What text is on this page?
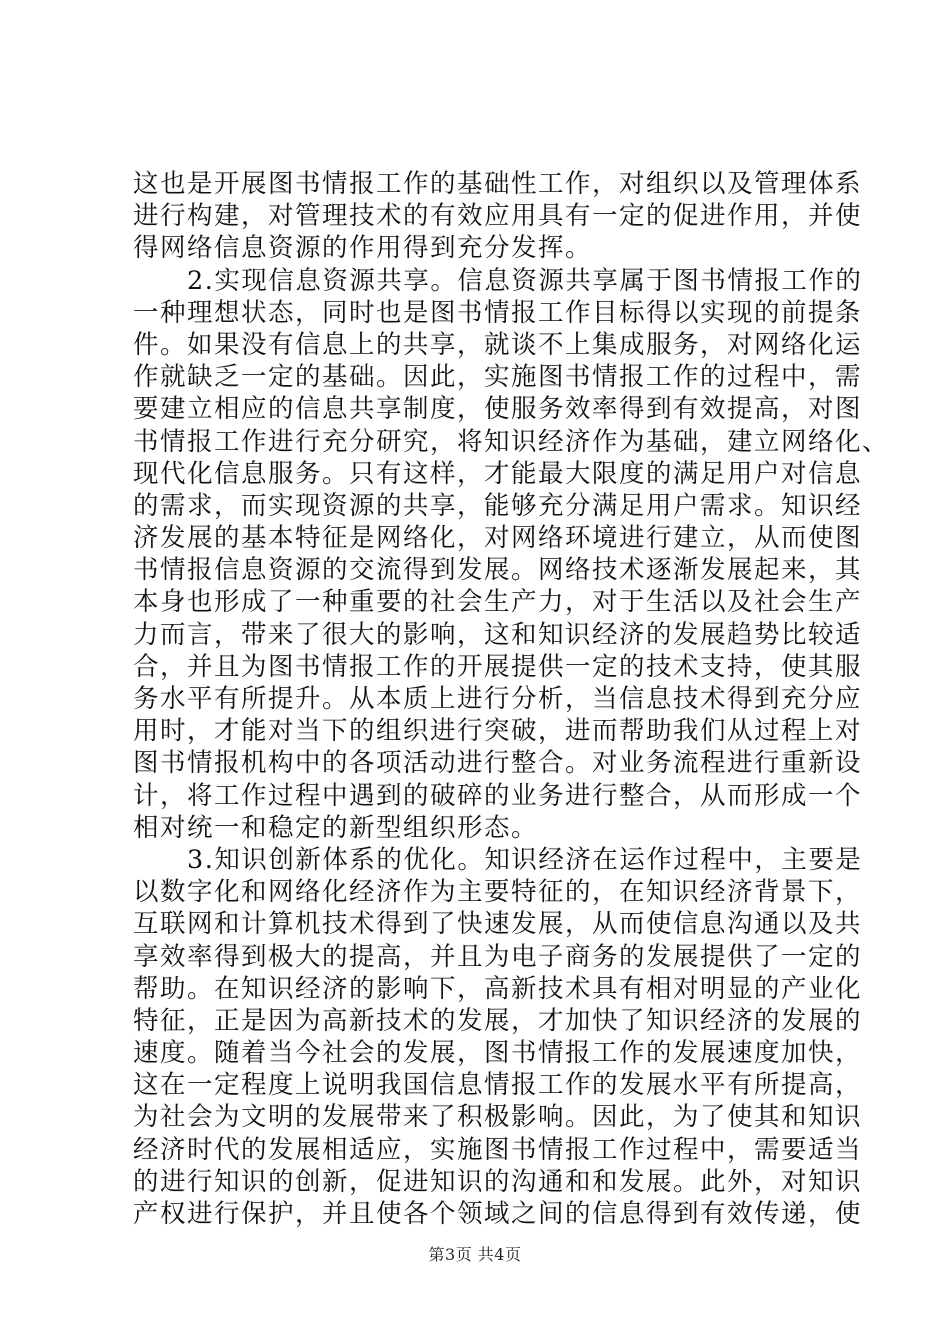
这也是开展图书情报工作的基础性工作，对组织以及管理体系
进行构建，对管理技术的有效应用具有一定的促进作用，并使
得网络信息资源的作用得到充分发挥。
2.实现信息资源共享。信息资源共享属于图书情报工作的
一种理想状态，同时也是图书情报工作目标得以实现的前提条
件。如果没有信息上的共享，就谈不上集成服务，对网络化运
作就缺乏一定的基础。因此，实施图书情报工作的过程中，需
要建立相应的信息共享制度，使服务效率得到有效提高，对图
书情报工作进行充分研究，将知识经济作为基础，建立网络化、
现代化信息服务。只有这样，才能最大限度的满足用户对信息
的需求，而实现资源的共享，能够充分满足用户需求。知识经
济发展的基本特征是网络化，对网络环境进行建立，从而使图
书情报信息资源的交流得到发展。网络技术逐渐发展起来，其
本身也形成了一种重要的社会生产力，对于生活以及社会生产
力而言，带来了很大的影响，这和知识经济的发展趋势比较适
合，并且为图书情报工作的开展提供一定的技术支持，使其服
务水平有所提升。从本质上进行分析，当信息技术得到充分应
用时，才能对当下的组织进行突破，进而帮助我们从过程上对
图书情报机构中的各项活动进行整合。对业务流程进行重新设
计，将工作过程中遇到的破碎的业务进行整合，从而形成一个
相对统一和稳定的新型组织形态。
3.知识创新体系的优化。知识经济在运作过程中，主要是
以数字化和网络化经济作为主要特征的，在知识经济背景下，
互联网和计算机技术得到了快速发展，从而使信息沟通以及共
享效率得到极大的提高，并且为电子商务的发展提供了一定的
帮助。在知识经济的影响下，高新技术具有相对明显的产业化
特征，正是因为高新技术的发展，才加快了知识经济的发展的
速度。随着当今社会的发展，图书情报工作的发展速度加快，
这在一定程度上说明我国信息情报工作的发展水平有所提高，
为社会为文明的发展带来了积极影响。因此，为了使其和知识
经济时代的发展相适应，实施图书情报工作过程中，需要适当
的进行知识的创新，促进知识的沟通和和发展。此外，对知识
产权进行保护，并且使各个领域之间的信息得到有效传递，使
第3页 共4页
